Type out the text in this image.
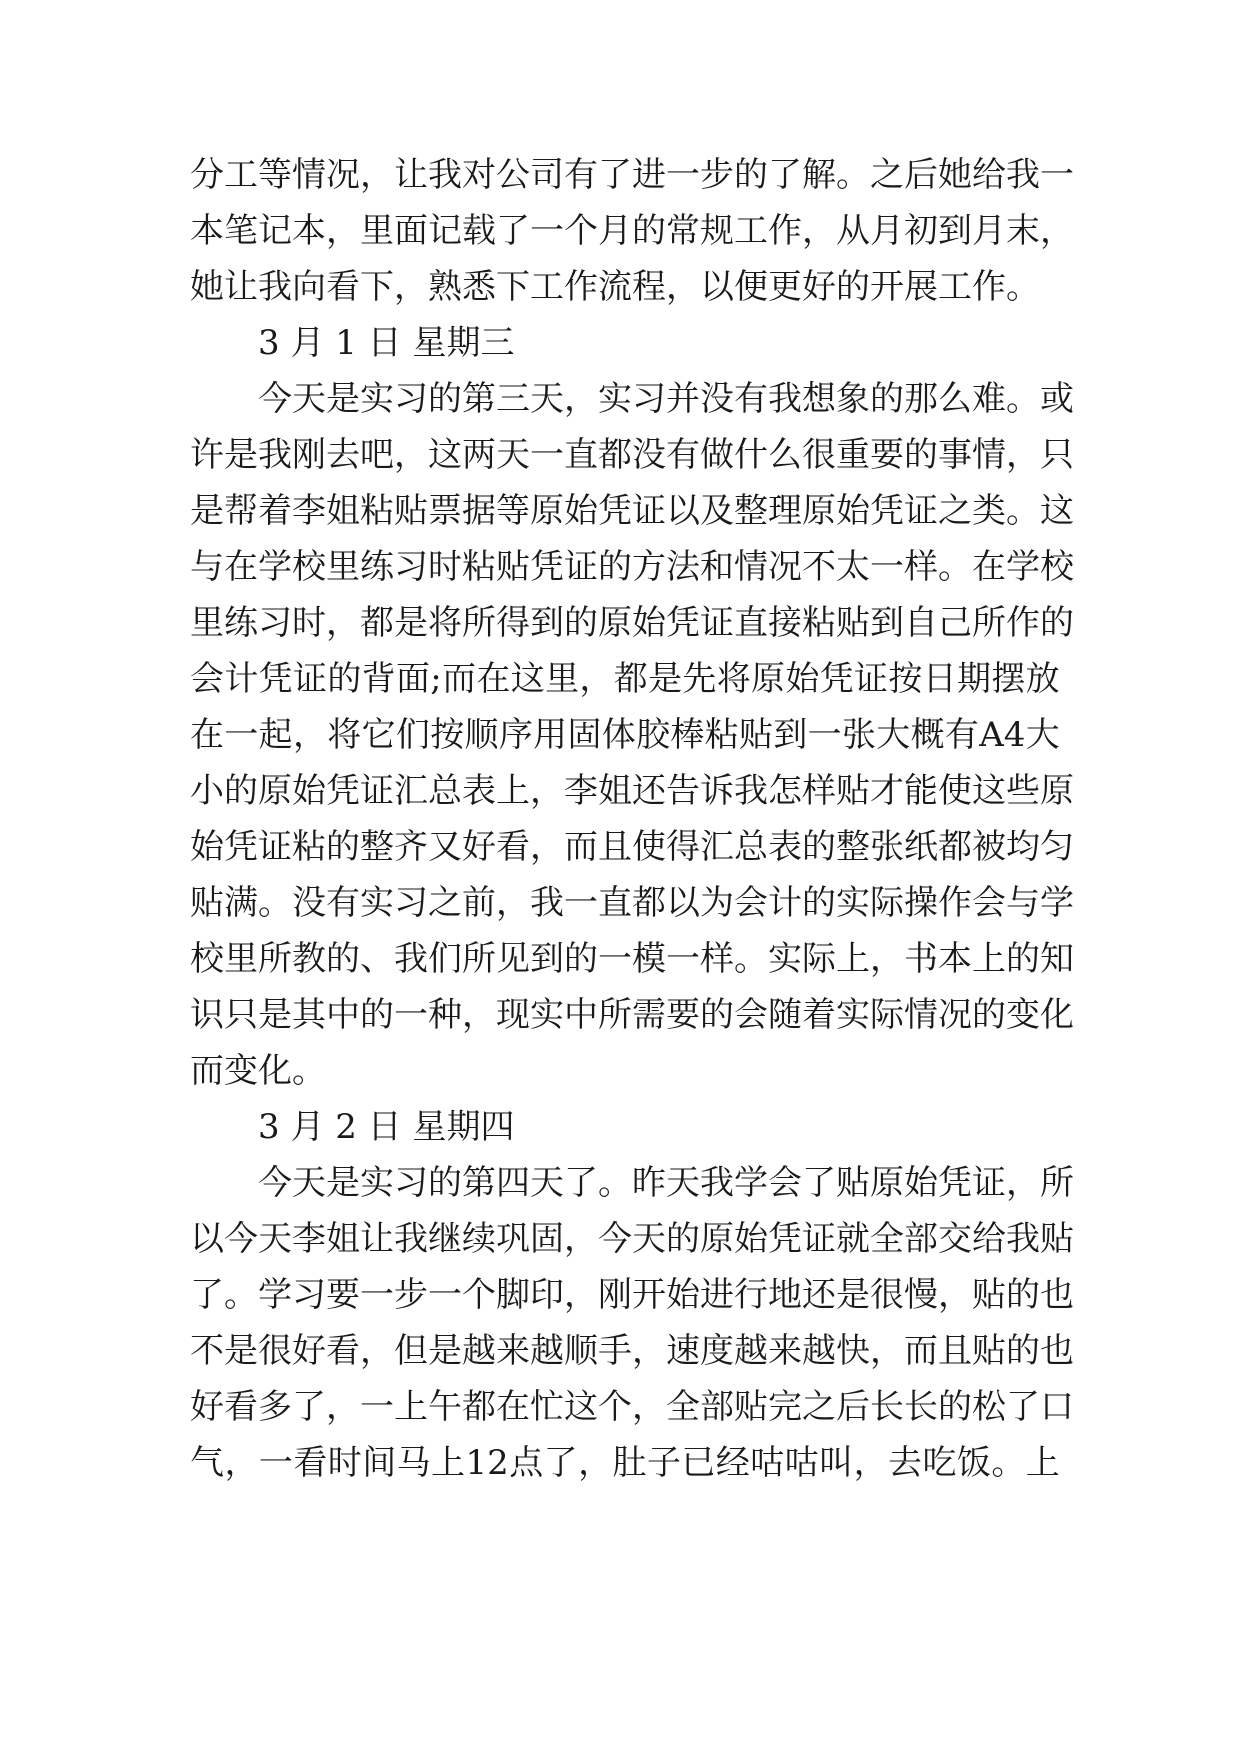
分 工 等 情 况 ， 让 我 对 公 司 有 了 进 一 步 的 了 解 。 之 后 她 给 我 一
本 笔 记 本 ， 里 面 记 载 了 一 个 月 的 常 规 工 作 ， 从 月 初 到 月 末 ，
她让我向看下，熟悉下工作流程，以便更好的开展工作。
3 月 1 日 星期三
今 天 是 实 习 的 第 三 天 ， 实 习 并 没 有 我 想 象 的 那 么 难 。 或
许 是 我 刚 去 吧 ， 这 两 天 一 直 都 没 有 做 什 么 很 重 要 的 事 情 ， 只
是 帮 着 李 姐 粘 贴 票 据 等 原 始 凭 证 以 及 整 理 原 始 凭 证 之 类 。 这
与 在 学 校 里 练 习 时 粘 贴 凭 证 的 方 法 和 情 况 不 太 一 样 。 在 学 校
里 练 习 时 ， 都 是 将 所 得 到 的 原 始 凭 证 直 接 粘 贴 到 自 己 所 作 的
会 计 凭 证 的 背 面 ; 而 在 这 里 ， 都 是 先 将 原 始 凭 证 按 日 期 摆 放
在 一 起 ， 将 它 们 按 顺 序 用 固 体 胶 棒 粘 贴 到 一 张 大 概 有 A4 大
小 的 原 始 凭 证 汇 总 表 上 ， 李 姐 还 告 诉 我 怎 样 贴 才 能 使 这 些 原
始 凭 证 粘 的 整 齐 又 好 看 ， 而 且 使 得 汇 总 表 的 整 张 纸 都 被 均 匀
贴 满 。 没 有 实 习 之 前 ， 我 一 直 都 以 为 会 计 的 实 际 操 作 会 与 学
校 里 所 教 的 、 我 们 所 见 到 的 一 模 一 样 。 实 际 上 ， 书 本 上 的 知
识 只 是 其 中 的 一 种 ， 现 实 中 所 需 要 的 会 随 着 实 际 情 况 的 变 化
而变化。
3 月 2 日 星期四
今 天 是 实 习 的 第 四 天 了 。 昨 天 我 学 会 了 贴 原 始 凭 证 ， 所
以 今 天 李 姐 让 我 继 续 巩 固 ， 今 天 的 原 始 凭 证 就 全 部 交 给 我 贴
了 。 学 习 要 一 步 一 个 脚 印 ， 刚 开 始 进 行 地 还 是 很 慢 ， 贴 的 也
不 是 很 好 看 ， 但 是 越 来 越 顺 手 ， 速 度 越 来 越 快 ， 而 且 贴 的 也
好 看 多 了 ， 一 上 午 都 在 忙 这 个 ， 全 部 贴 完 之 后 长 长 的 松 了 口
气 ， 一 看 时 间 马 上 12 点 了 ， 肚 子 已 经 咕 咕 叫 ， 去 吃 饭 。 上
